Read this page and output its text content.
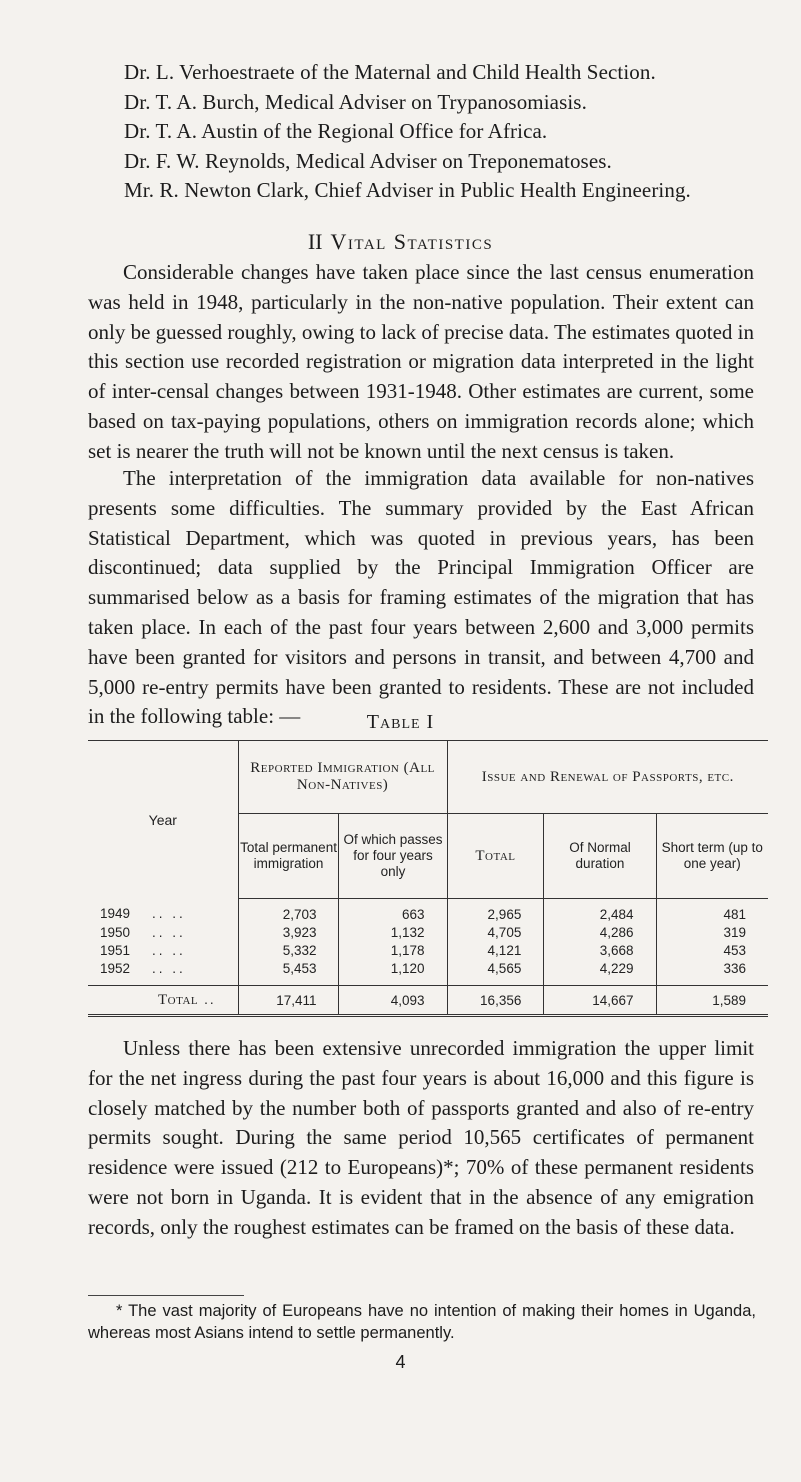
Dr. L. Verhoestraete of the Maternal and Child Health Section.
Dr. T. A. Burch, Medical Adviser on Trypanosomiasis.
Dr. T. A. Austin of the Regional Office for Africa.
Dr. F. W. Reynolds, Medical Adviser on Treponematoses.
Mr. R. Newton Clark, Chief Adviser in Public Health Engineering.
II Vital Statistics
Considerable changes have taken place since the last census enumeration was held in 1948, particularly in the non-native population. Their extent can only be guessed roughly, owing to lack of precise data. The estimates quoted in this section use recorded registration or migration data interpreted in the light of inter-censal changes between 1931-1948. Other estimates are current, some based on tax-paying populations, others on immigration records alone; which set is nearer the truth will not be known until the next census is taken.
The interpretation of the immigration data available for non-natives presents some difficulties. The summary provided by the East African Statistical Department, which was quoted in previous years, has been discontinued; data supplied by the Principal Immigration Officer are summarised below as a basis for framing estimates of the migration that has taken place. In each of the past four years between 2,600 and 3,000 permits have been granted for visitors and persons in transit, and between 4,700 and 5,000 re-entry permits have been granted to residents. These are not included in the following table: —	Table I
Year	Reported Immigration (All Non-Natives)		Issue and Renewal of Passports, etc.		
	Total permanent immigration	Of which passes for four years only	Total	Of Normal duration	Short term (up to one year)
1949 .. ..	2,703	663	2,965	2,484	481
1950 .. ..	3,923	1,132	4,705	4,286	319
1951 .. ..	5,332	1,178	4,121	3,668	453
1952 .. ..	5,453	1,120	4,565	4,229	336
Total ..	17,411	4,093	16,356	14,667	1,589
Unless there has been extensive unrecorded immigration the upper limit for the net ingress during the past four years is about 16,000 and this figure is closely matched by the number both of passports granted and also of re-entry permits sought. During the same period 10,565 certificates of permanent residence were issued (212 to Europeans)*; 70% of these permanent residents were not born in Uganda. It is evident that in the absence of any emigration records, only the roughest estimates can be framed on the basis of these data.
* The vast majority of Europeans have no intention of making their homes in Uganda, whereas most Asians intend to settle permanently.
4
